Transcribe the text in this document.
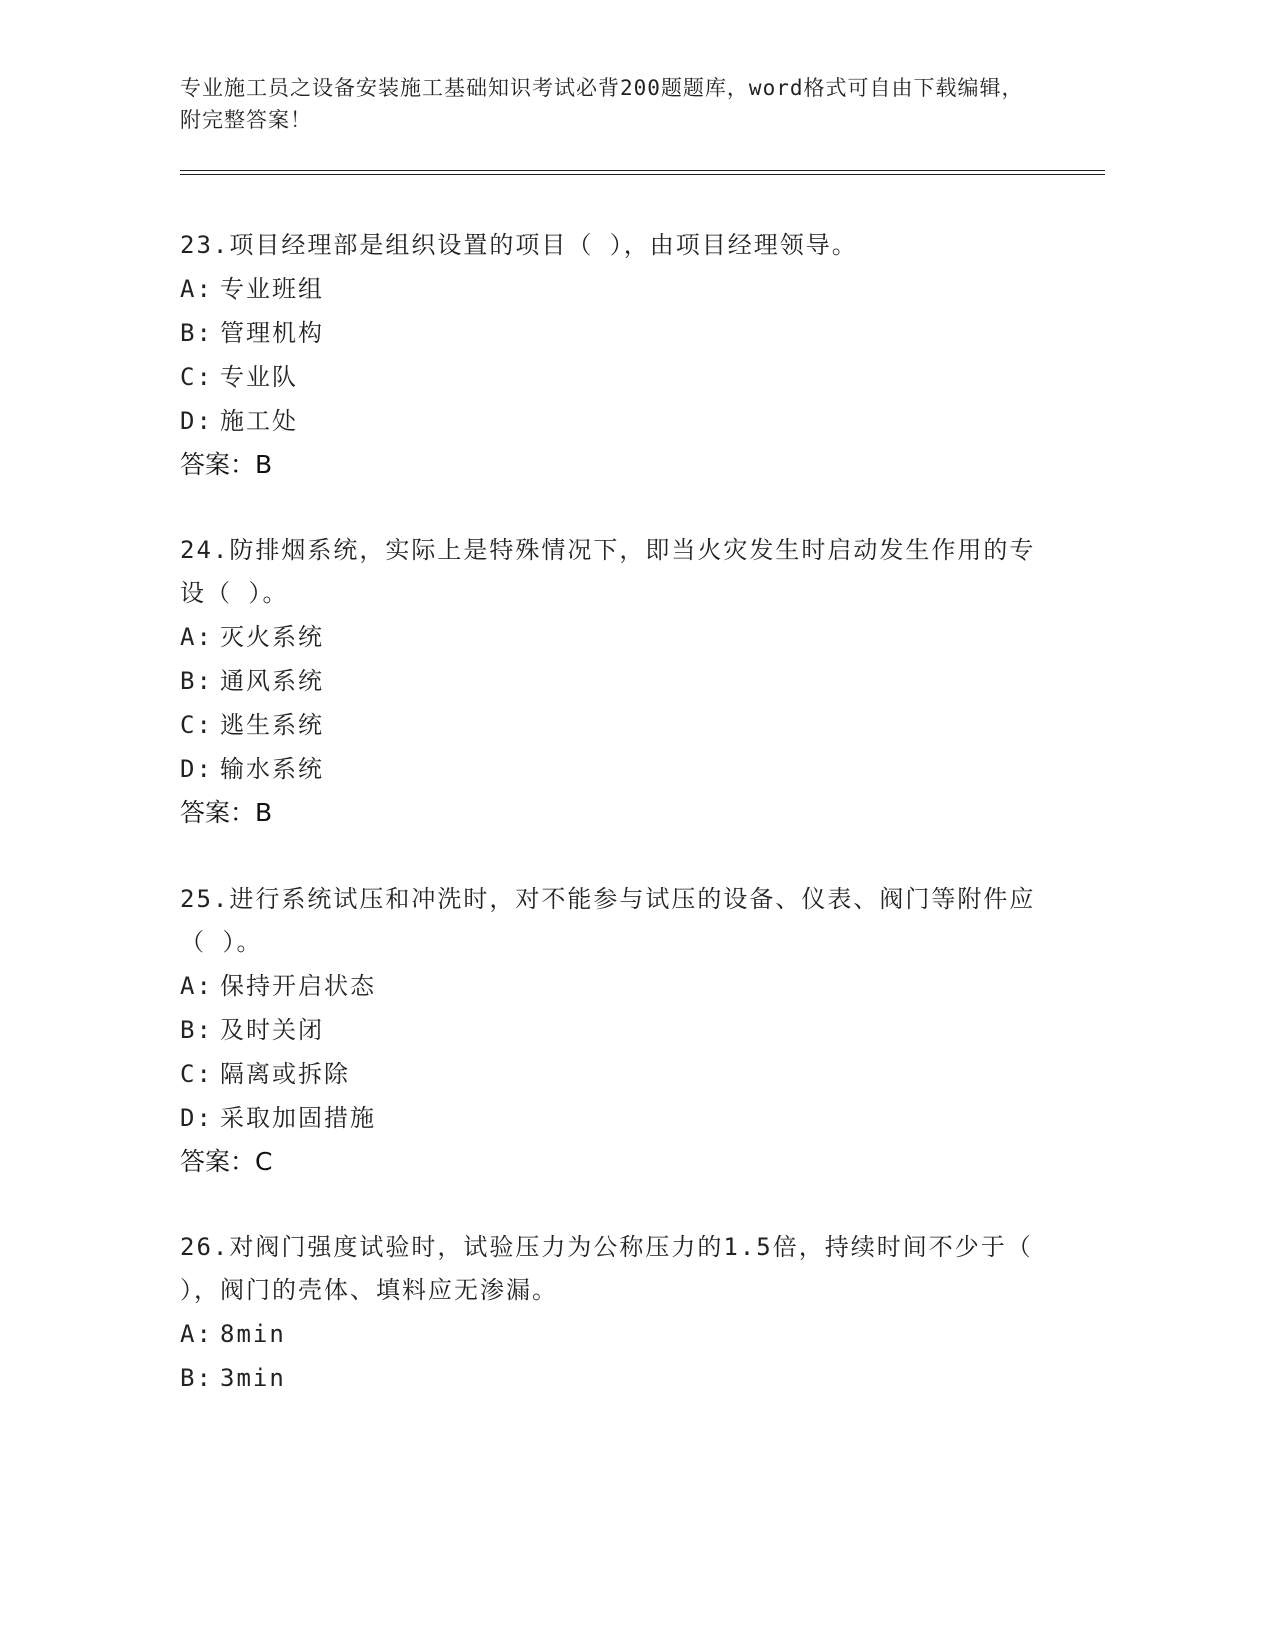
专业施工员之设备安装施工基础知识考试必背200题题库，word格式可自由下载编辑，附完整答案！
23.项目经理部是组织设置的项目（ ），由项目经理领导。
A: 专业班组
B: 管理机构
C: 专业队
D: 施工处
答案：B
24.防排烟系统，实际上是特殊情况下，即当火灾发生时启动发生作用的专设（ ）。
A: 灭火系统
B: 通风系统
C: 逃生系统
D: 输水系统
答案：B
25.进行系统试压和冲洗时，对不能参与试压的设备、仪表、阀门等附件应（ ）。
A: 保持开启状态
B: 及时关闭
C: 隔离或拆除
D: 采取加固措施
答案：C
26.对阀门强度试验时，试验压力为公称压力的1.5倍，持续时间不少于（ ），阀门的壳体、填料应无渗漏。
A: 8min
B: 3min
